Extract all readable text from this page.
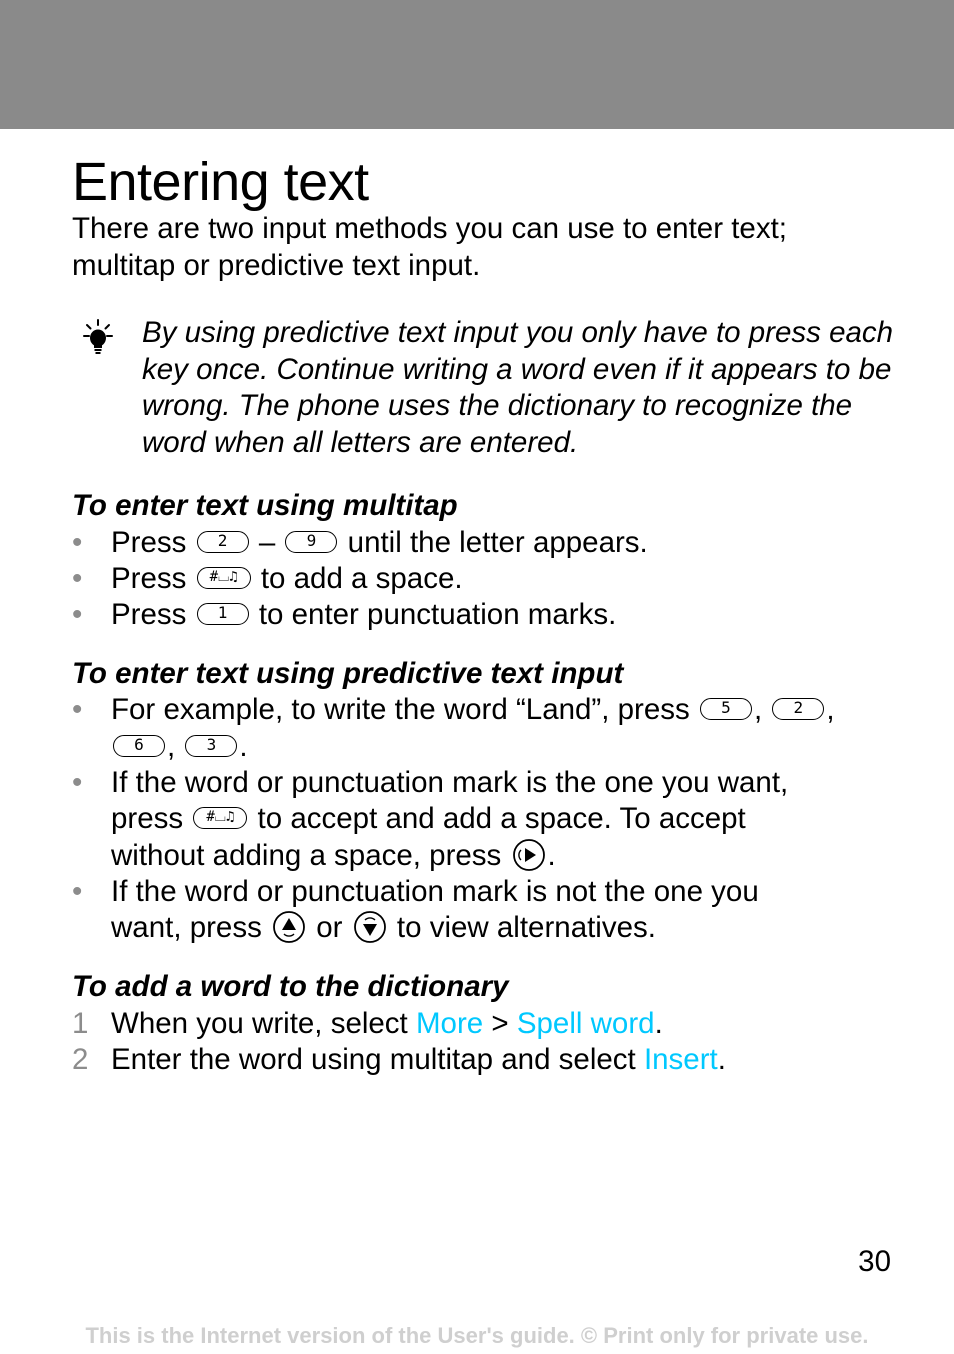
Entering text

There are two input methods you can use to enter text; multitap or predictive text input.

By using predictive text input you only have to press each key once. Continue writing a word even if it appears to be wrong. The phone uses the dictionary to recognize the word when all letters are entered.

To enter text using multitap
• Press 2 – 9 until the letter appears.
• Press #⌴♫ to add a space.
• Press 1 to enter punctuation marks.
To enter text using predictive text input
• For example, to write the word “Land”, press 5 , 2 ,
6 , 3 .
• If the word or punctuation mark is the one you want,
press #⌴♫ to accept and add a space. To accept
without adding a space, press .
• If the word or punctuation mark is not the one you
want, press or to view alternatives.
To add a word to the dictionary
1 When you write, select More > Spell word.
2 Enter the word using multitap and select Insert.
30
This is the Internet version of the User's guide. © Print only for private use.
